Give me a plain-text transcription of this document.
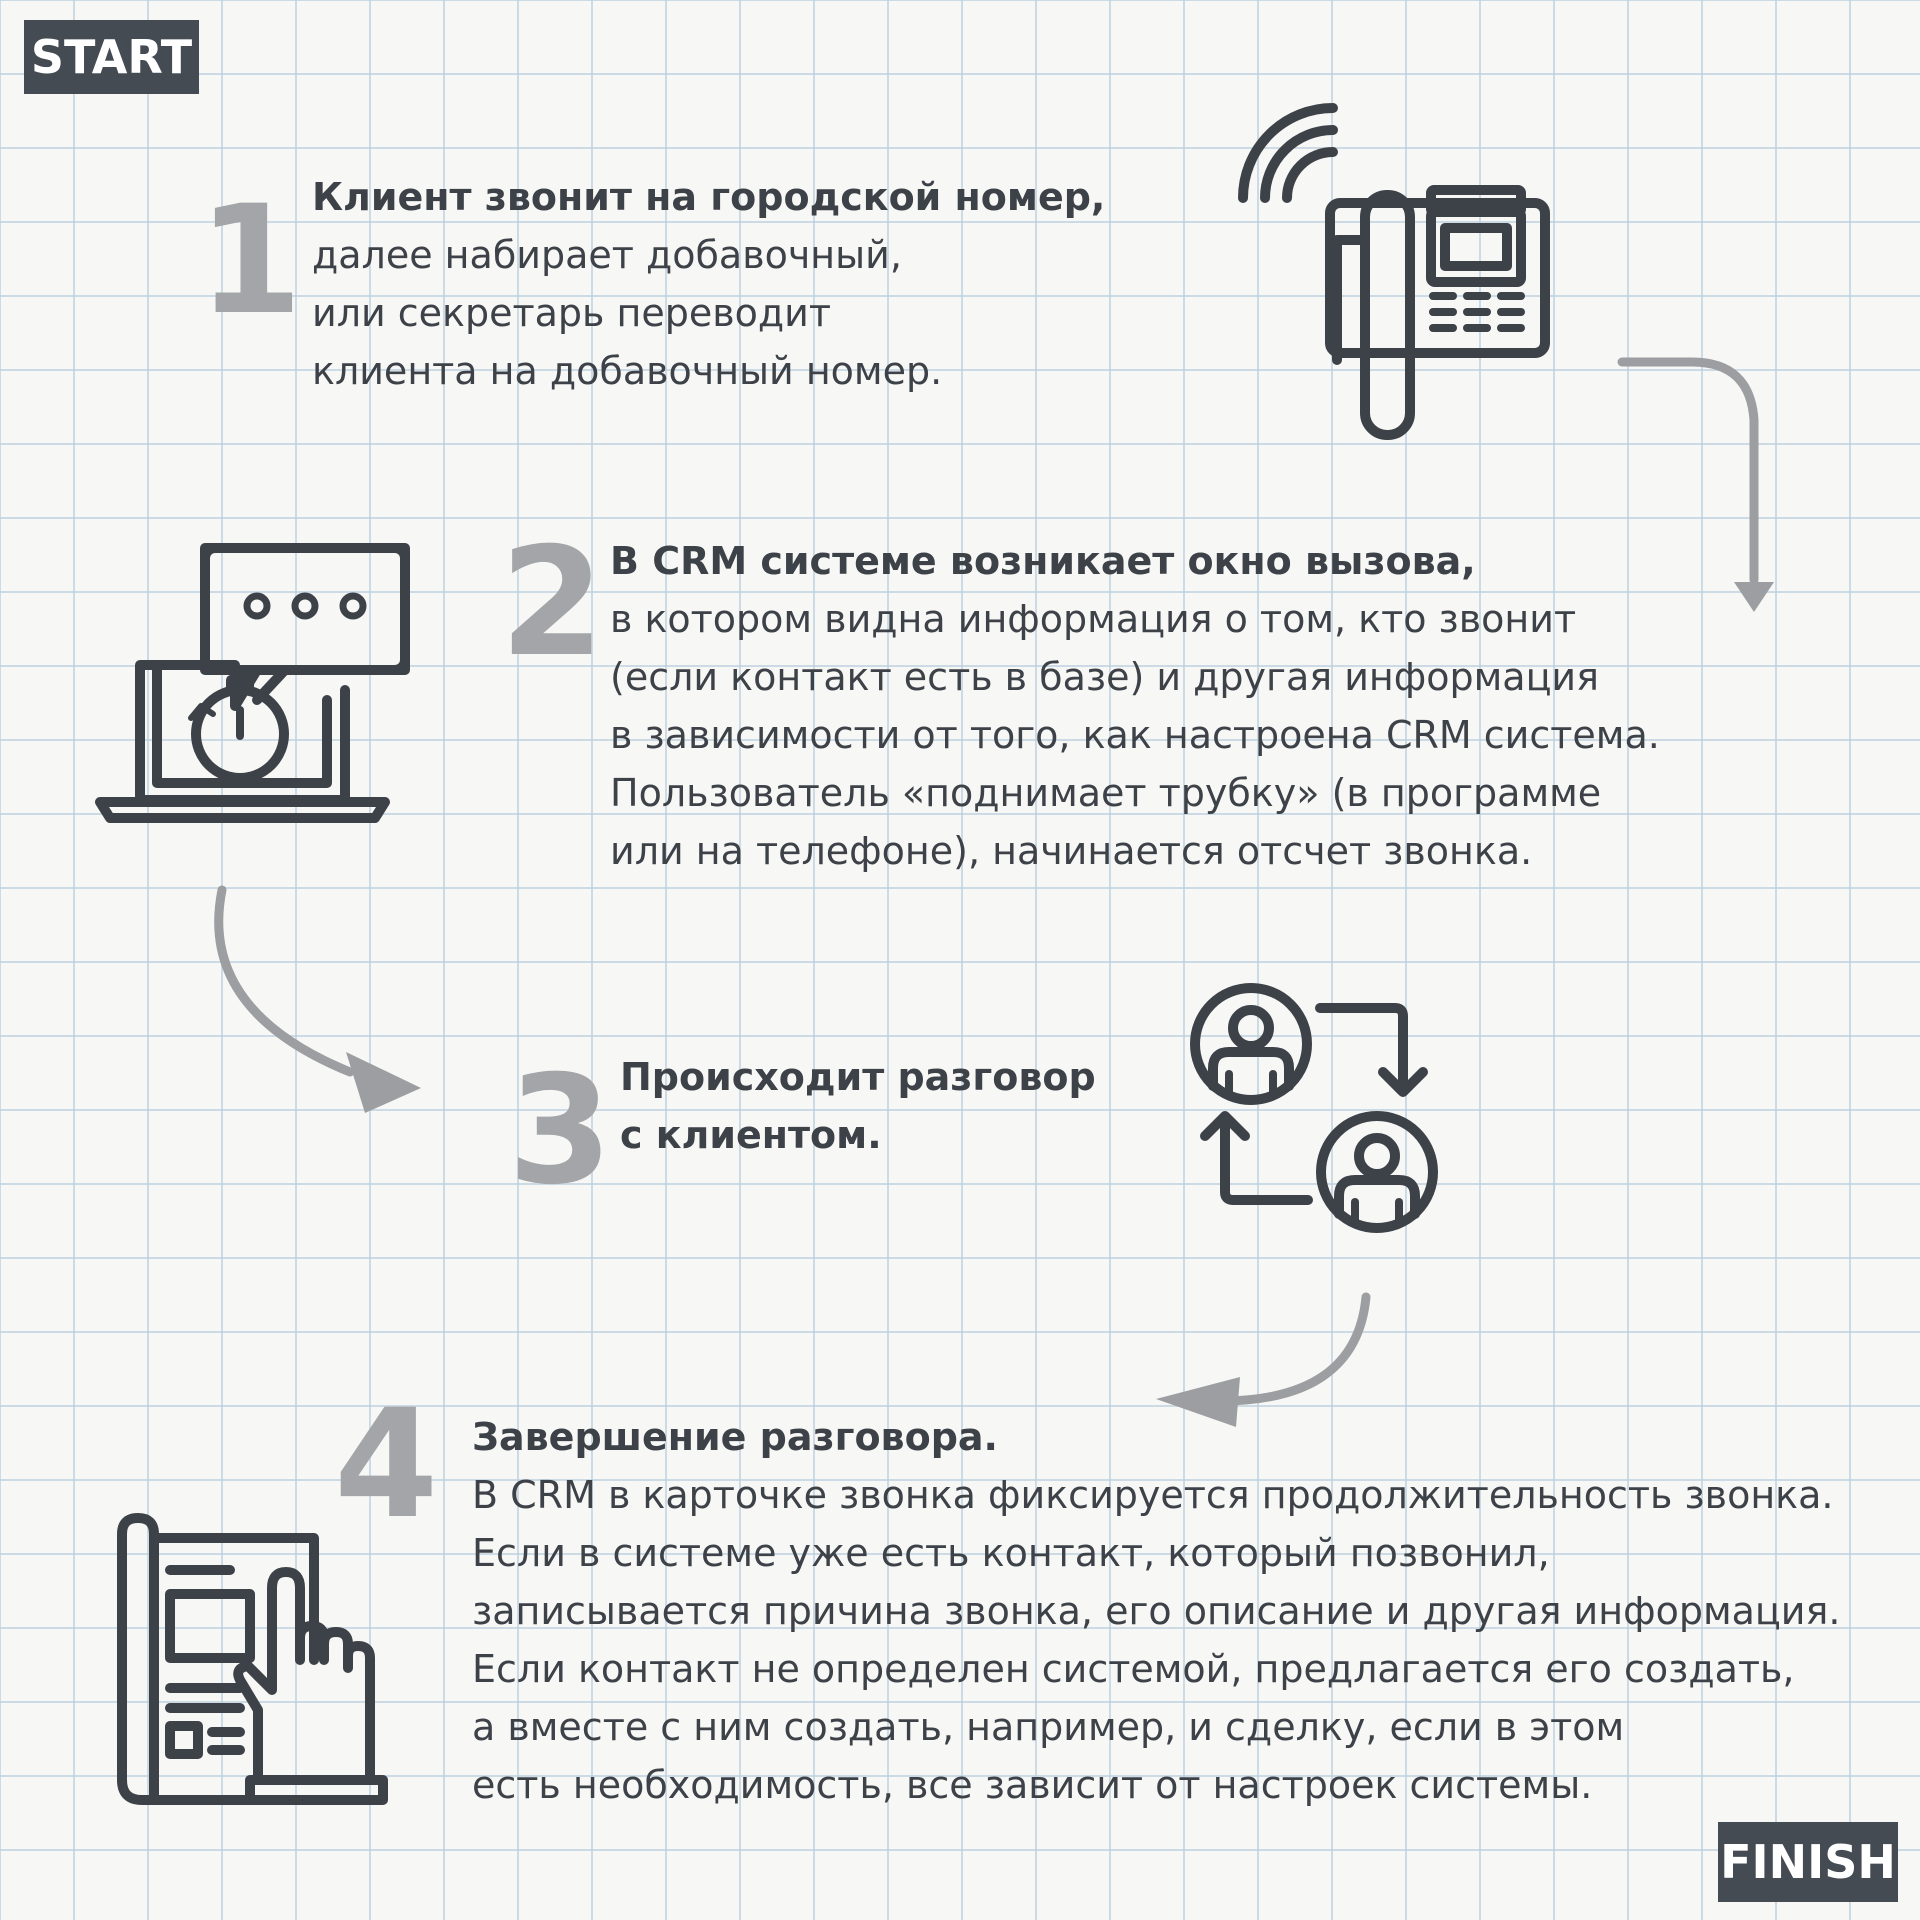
START
FINISH
1
2
3
4
Клиент звонит на городской номер,
далее набирает добавочный,
или секретарь переводит
клиента на добавочный номер.
В CRM системе возникает окно вызова,
в котором видна информация о том, кто звонит
(если контакт есть в базе) и другая информация
в зависимости от того, как настроена CRM система.
Пользователь «поднимает трубку» (в программе
или на телефоне), начинается отсчет звонка.
Происходит разговор
с клиентом.
Завершение разговора.
В CRM в карточке звонка фиксируется продолжительность звонка.
Если в системе уже есть контакт, который позвонил,
записывается причина звонка, его описание и другая информация.
Если контакт не определен системой, предлагается его создать,
а вместе с ним создать, например, и сделку, если в этом
есть необходимость, все зависит от настроек системы.
